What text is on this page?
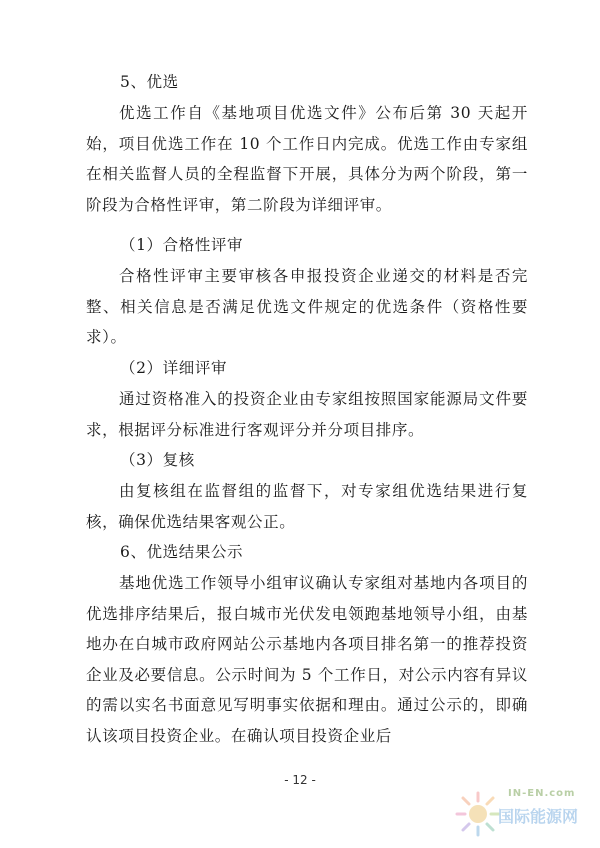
5、优选

优选工作自《基地项目优选文件》公布后第 30 天起开始，项目优选工作在 10 个工作日内完成。优选工作由专家组在相关监督人员的全程监督下开展，具体分为两个阶段，第一阶段为合格性评审，第二阶段为详细评审。

（1）合格性评审

合格性评审主要审核各申报投资企业递交的材料是否完整、相关信息是否满足优选文件规定的优选条件（资格性要求）。

（2）详细评审

通过资格准入的投资企业由专家组按照国家能源局文件要求，根据评分标准进行客观评分并分项目排序。

（3）复核

由复核组在监督组的监督下，对专家组优选结果进行复核，确保优选结果客观公正。

6、优选结果公示

基地优选工作领导小组审议确认专家组对基地内各项目的优选排序结果后，报白城市光伏发电领跑基地领导小组，由基地办在白城市政府网站公示基地内各项目排名第一的推荐投资企业及必要信息。公示时间为 5 个工作日，对公示内容有异议的需以实名书面意见写明事实依据和理由。通过公示的，即确认该项目投资企业。在确认项目投资企业后

- 12 -
IN-EN.com
国际能源网
